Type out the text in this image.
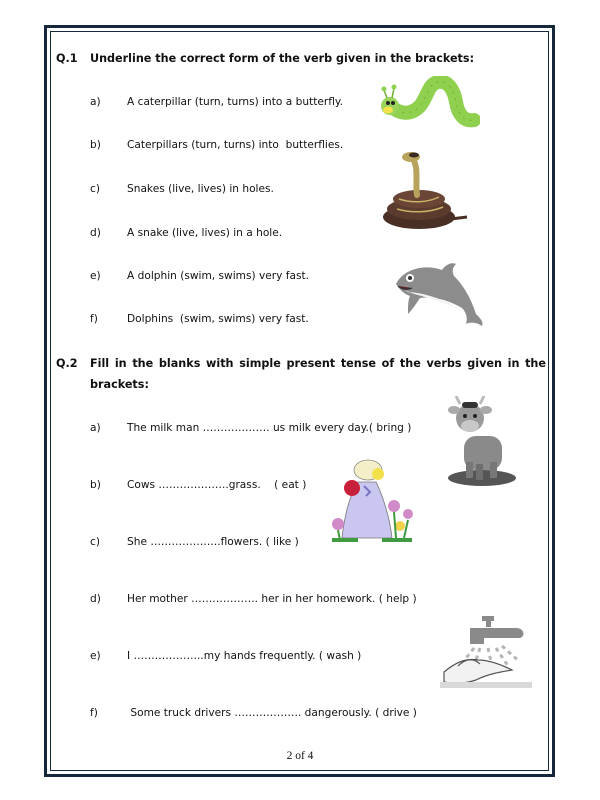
Q.1 Underline the correct form of the verb given in the brackets:

a)

A caterpillar (turn, turns) into a butterfly.

b)

Caterpillars (turn, turns) into  butterflies.

c)

	Snakes (live, lives) in holes.

d)

A snake (live, lives) in a hole.

e)

A dolphin (swim, swims) very fast.

f)

	Dolphins  (swim, swims) very fast.

Q.2 Fill in the blanks with simple present tense of the verbs given in the brackets:

a)

The milk man ………………. us milk every day.( bring )

b)

Cows ………………..grass.    ( eat )

c)

	She ………………..flowers. ( like )

d)

Her mother ………………. her in her homework. ( help )

e)

I ………………..my hands frequently. ( wash )

f)

	Some truck drivers ………………. dangerously. ( drive )

2 of 4
